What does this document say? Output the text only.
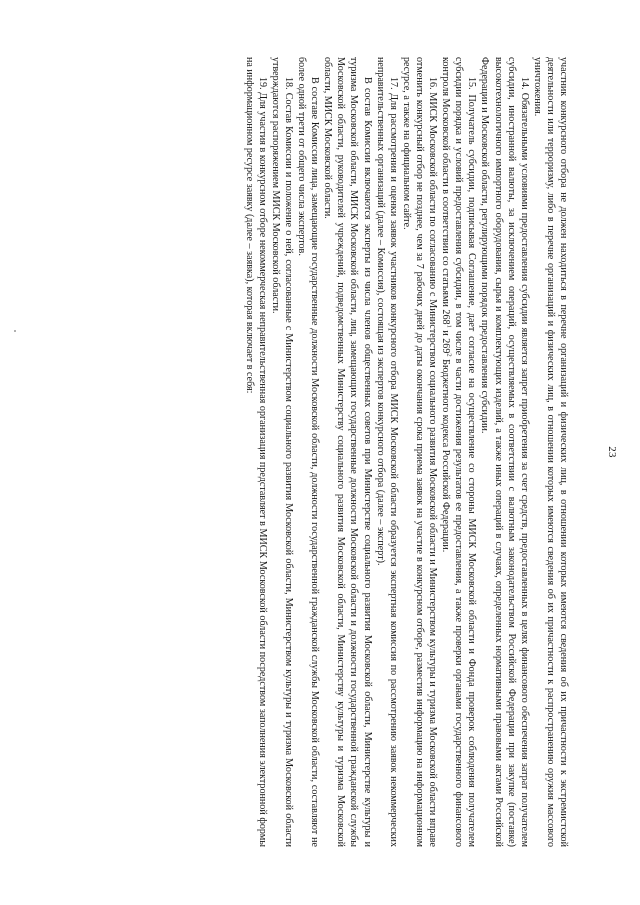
23

участник конкурсного отбора не должен находиться в перечне организаций и физических лиц, в отношении которых имеются сведения об их причастности к экстремистской деятельности или терроризму, либо в перечне организаций и физических лиц, в отношении которых имеются сведения об их причастности к распространению оружия массового уничтожения.

14. Обязательными условиями предоставления субсидии является запрет приобретения за счет средств, предоставленных в целях финансового обеспечения затрат получателем субсидии, иностранной валюты, за исключением операций, осуществляемых в соответствии с валютным законодательством Российской Федерации при закупке (поставке) высокотехнологичного импортного оборудования, сырья и комплектующих изделий, а также иных операций в случаях, определенных нормативными правовыми актами Российской Федерации и Московской области, регулирующими порядок предоставления субсидии.

15. Получатель субсидии, подписывая Соглашение, дает согласие на осуществление со стороны МИСК Московской области и Фонда проверок соблюдения получателем субсидии порядка и условий предоставления субсидии, в том числе в части достижения результатов ее предоставления, а также проверки органами государственного финансового контроля Московской области в соответствии со статьями $268^1$ и $269^2$ Бюджетного кодекса Российской Федерации.

16. МИСК Московской области по согласованию с Министерством социального развития Московской области и Министерством культуры и туризма Московской области вправе отменить конкурсный отбор не позднее, чем за 7 рабочих дней до даты окончания срока приема заявок на участие в конкурсном отборе, разместив информацию на информационном ресурсе, а также на официальном сайте.

17. Для рассмотрения и оценки заявок участников конкурсного отбора МИСК Московской области образуется экспертная комиссия по рассмотрению заявок некоммерческих неправительственных организаций (далее – Комиссия), состоящая из экспертов конкурсного отбора (далее – эксперт).

В состав Комиссии включаются эксперты из числа членов общественных советов при Министерстве социального развития Московской области, Министерстве культуры и туризма Московской области, МИСК Московской области, лиц, замещающих государственные должности Московской области и должности государственной гражданской службы Московской области, руководителей учреждений, подведомственных Министерству социального развития Московской области, Министерству культуры и туризма Московской области, МИСК Московской области.

В составе Комиссии лица, замещающие государственные должности Московской области, должности государственной гражданской службы Московской области, составляют не более одной трети от общего числа экспертов.

18. Состав Комиссии и положение о ней, согласованные с Министерством социального развития Московской области, Министерством культуры и туризма Московской области утверждаются распоряжением МИСК Московской области.

19. Для участия в конкурсном отборе некоммерческая неправительственная организация представляет в МИСК Московской области посредством заполнения электронной формы на информационном ресурсе заявку (далее – заявка), которая включает в себя:
